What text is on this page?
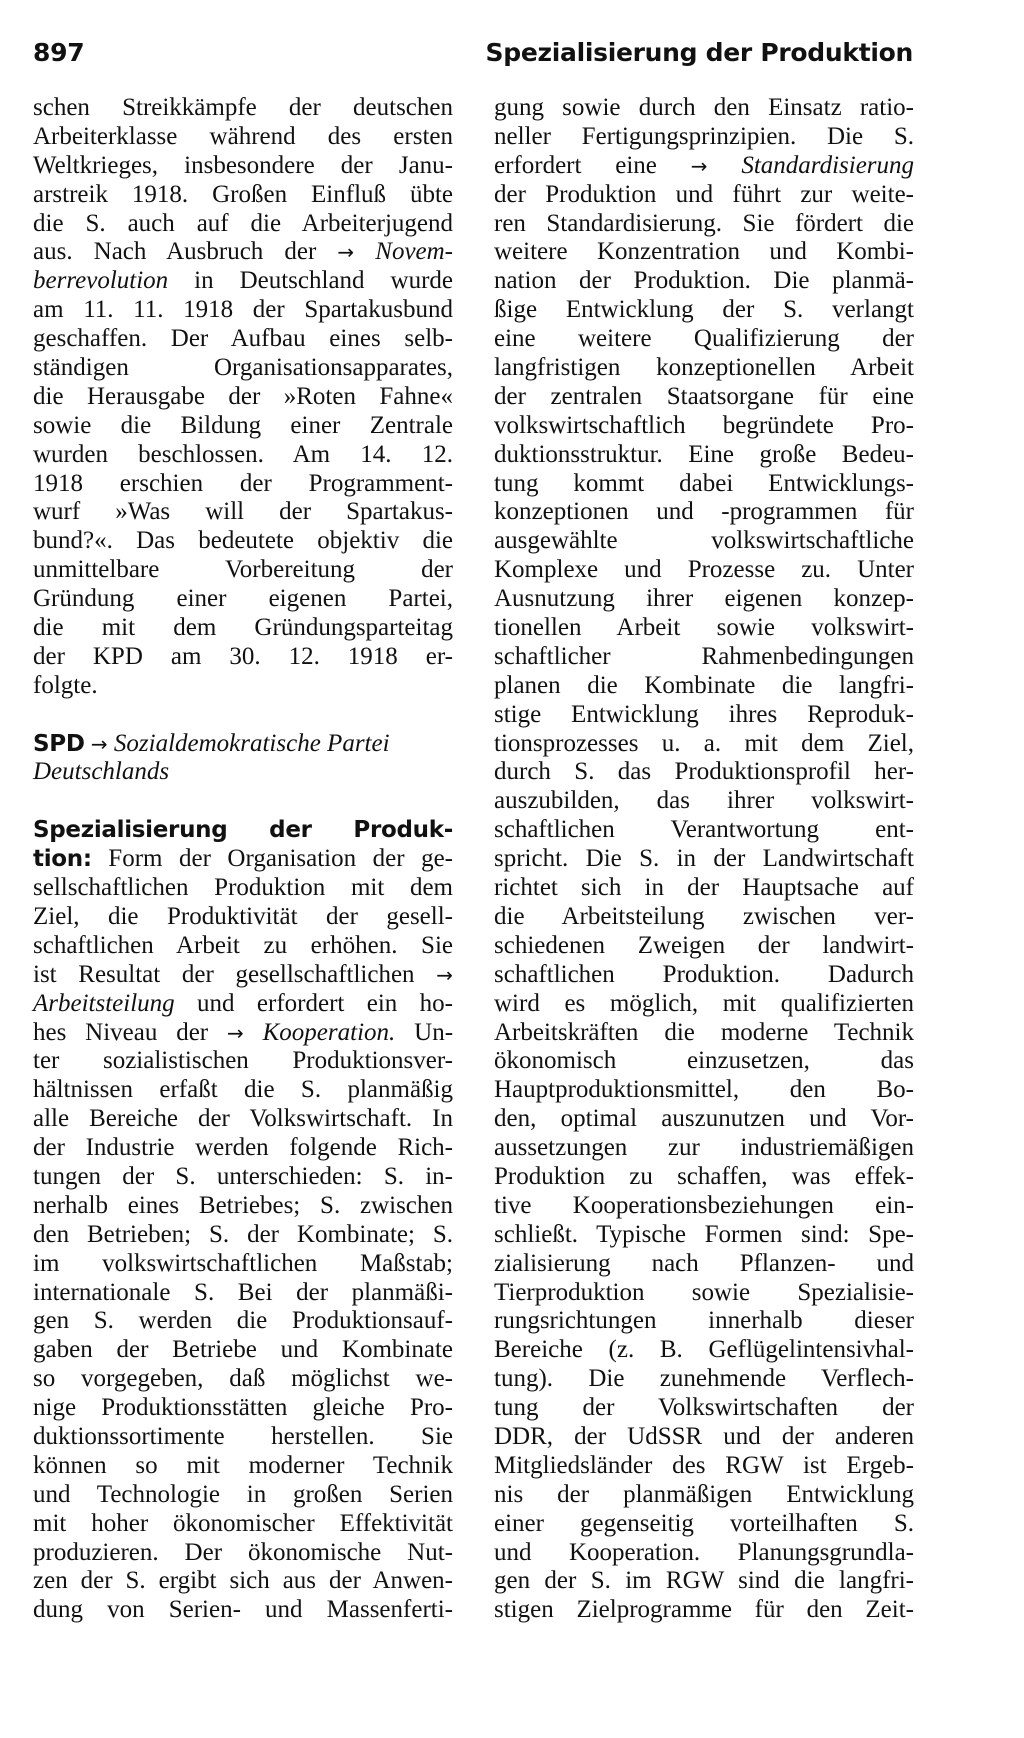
897	Spezialisierung der Produktion
schen Streikkämpfe der deutschen
Arbeiterklasse während des ersten
Weltkrieges, insbesondere der Janu-
arstreik 1918. Großen Einfluß übte
die S. auch auf die Arbeiterjugend
aus. Nach Ausbruch der → Novem-
berrevolution in Deutschland wurde
am 11. 11. 1918 der Spartakusbund
geschaffen. Der Aufbau eines selb-
ständigen Organisationsapparates,
die Herausgabe der »Roten Fahne«
sowie die Bildung einer Zentrale
wurden beschlossen. Am 14. 12.
1918 erschien der Programment-
wurf »Was will der Spartakus-
bund?«. Das bedeutete objektiv die
unmittelbare Vorbereitung der
Gründung einer eigenen Partei,
die mit dem Gründungsparteitag
der KPD am 30. 12. 1918 er-
folgte.
SPD → Sozialdemokratische Partei
Deutschlands
Spezialisierung der Produk-
tion: Form der Organisation der ge-
sellschaftlichen Produktion mit dem
Ziel, die Produktivität der gesell-
schaftlichen Arbeit zu erhöhen. Sie
ist Resultat der gesellschaftlichen →
Arbeitsteilung und erfordert ein ho-
hes Niveau der → Kooperation. Un-
ter sozialistischen Produktionsver-
hältnissen erfaßt die S. planmäßig
alle Bereiche der Volkswirtschaft. In
der Industrie werden folgende Rich-
tungen der S. unterschieden: S. in-
nerhalb eines Betriebes; S. zwischen
den Betrieben; S. der Kombinate; S.
im volkswirtschaftlichen Maßstab;
internationale S. Bei der planmäßi-
gen S. werden die Produktionsauf-
gaben der Betriebe und Kombinate
so vorgegeben, daß möglichst we-
nige Produktionsstätten gleiche Pro-
duktionssortimente herstellen. Sie
können so mit moderner Technik
und Technologie in großen Serien
mit hoher ökonomischer Effektivität
produzieren. Der ökonomische Nut-
zen der S. ergibt sich aus der Anwen-
dung von Serien- und Massenferti-
gung sowie durch den Einsatz ratio-
neller Fertigungsprinzipien. Die S.
erfordert eine → Standardisierung
der Produktion und führt zur weite-
ren Standardisierung. Sie fördert die
weitere Konzentration und Kombi-
nation der Produktion. Die planmä-
ßige Entwicklung der S. verlangt
eine weitere Qualifizierung der
langfristigen konzeptionellen Arbeit
der zentralen Staatsorgane für eine
volkswirtschaftlich begründete Pro-
duktionsstruktur. Eine große Bedeu-
tung kommt dabei Entwicklungs-
konzeptionen und -programmen für
ausgewählte volkswirtschaftliche
Komplexe und Prozesse zu. Unter
Ausnutzung ihrer eigenen konzep-
tionellen Arbeit sowie volkswirt-
schaftlicher Rahmenbedingungen
planen die Kombinate die langfri-
stige Entwicklung ihres Reproduk-
tionsprozesses u. a. mit dem Ziel,
durch S. das Produktionsprofil her-
auszubilden, das ihrer volkswirt-
schaftlichen Verantwortung ent-
spricht. Die S. in der Landwirtschaft
richtet sich in der Hauptsache auf
die Arbeitsteilung zwischen ver-
schiedenen Zweigen der landwirt-
schaftlichen Produktion. Dadurch
wird es möglich, mit qualifizierten
Arbeitskräften die moderne Technik
ökonomisch einzusetzen, das
Hauptproduktionsmittel, den Bo-
den, optimal auszunutzen und Vor-
aussetzungen zur industriemäßigen
Produktion zu schaffen, was effek-
tive Kooperationsbeziehungen ein-
schließt. Typische Formen sind: Spe-
zialisierung nach Pflanzen- und
Tierproduktion sowie Spezialisie-
rungsrichtungen innerhalb dieser
Bereiche (z. B. Geflügelintensivhal-
tung). Die zunehmende Verflech-
tung der Volkswirtschaften der
DDR, der UdSSR und der anderen
Mitgliedsländer des RGW ist Ergeb-
nis der planmäßigen Entwicklung
einer gegenseitig vorteilhaften S.
und Kooperation. Planungsgrundla-
gen der S. im RGW sind die langfri-
stigen Zielprogramme für den Zeit-
